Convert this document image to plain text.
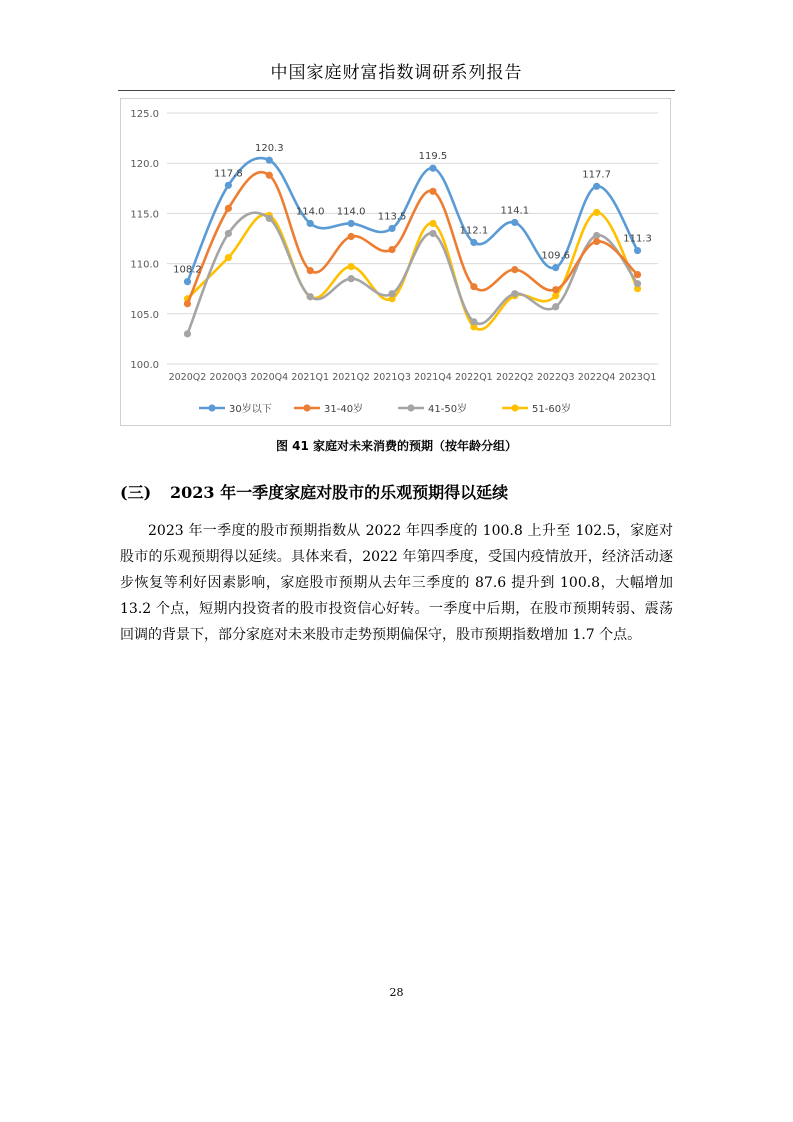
中国家庭财富指数调研系列报告
100.0
105.0
110.0
115.0
120.0
125.0
2020Q2 2020Q3 2020Q4 2021Q1 2021Q2 2021Q3 2021Q4 2022Q1 2022Q2 2022Q3 2022Q4 2023Q1
108.2
117.8
120.3
114.0 114.0 113.5
119.5
112.1
114.1
109.6
117.7
111.3
30岁以下	31-40岁	41-50岁	51-60岁
图 41 家庭对未来消费的预期（按年龄分组）
(三) 2023 年一季度家庭对股市的乐观预期得以延续
2023 年一季度的股市预期指数从 2022 年四季度的 100.8 上升至 102.5，家庭对股市的乐观预期得以延续。具体来看，2022 年第四季度，受国内疫情放开，经济活动逐步恢复等利好因素影响，家庭股市预期从去年三季度的 87.6 提升到 100.8，大幅增加 13.2 个点，短期内投资者的股市投资信心好转。一季度中后期，在股市预期转弱、震荡回调的背景下，部分家庭对未来股市走势预期偏保守，股市预期指数增加 1.7 个点。
28
